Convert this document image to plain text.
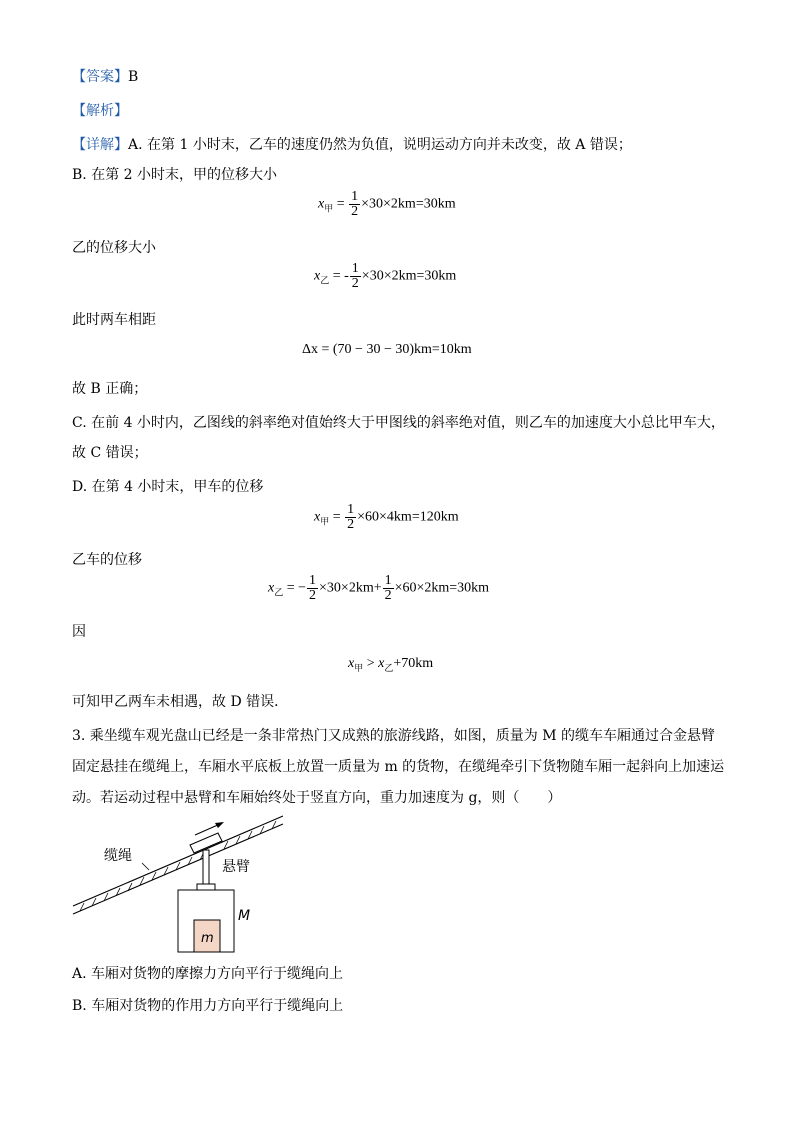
【答案】B
【解析】
【详解】A. 在第 1 小时末，乙车的速度仍然为负值，说明运动方向并未改变，故 A 错误；
B. 在第 2 小时末，甲的位移大小
$x_甲 = \frac{1}{2} \times 30\times 2km=30km$
乙的位移大小
$x_乙$ = - $\frac{1}{2} \times 30\times 2km=30km$
此时两车相距
Δx = (70 − 30 − 30)km=10km
故 B 正确；
C. 在前 4 小时内，乙图线的斜率绝对值始终大于甲图线的斜率绝对值，则乙车的加速度大小总比甲车大，
故 C 错误；
D. 在第 4 小时末，甲车的位移
$x_甲 = \frac{1}{2} \times 60\times 4km=120km$
乙车的位移
$x_乙$ = − $\frac{1}{2} \times 30\times 2km+ \frac{1}{2} \times 60\times 2km=30km$
因
$x_甲 > x_乙+70km$
可知甲乙两车未相遇，故 D 错误．
3. 乘坐缆车观光盘山已经是一条非常热门又成熟的旅游线路，如图，质量为 M 的缆车车厢通过合金悬臂
固定悬挂在缆绳上，车厢水平底板上放置一质量为 m 的货物，在缆绳牵引下货物随车厢一起斜向上加速运
动。若运动过程中悬臂和车厢始终处于竖直方向，重力加速度为 g，则（　　）
缆绳
悬臂
M
m
A. 车厢对货物的摩擦力方向平行于缆绳向上
B. 车厢对货物的作用力方向平行于缆绳向上
